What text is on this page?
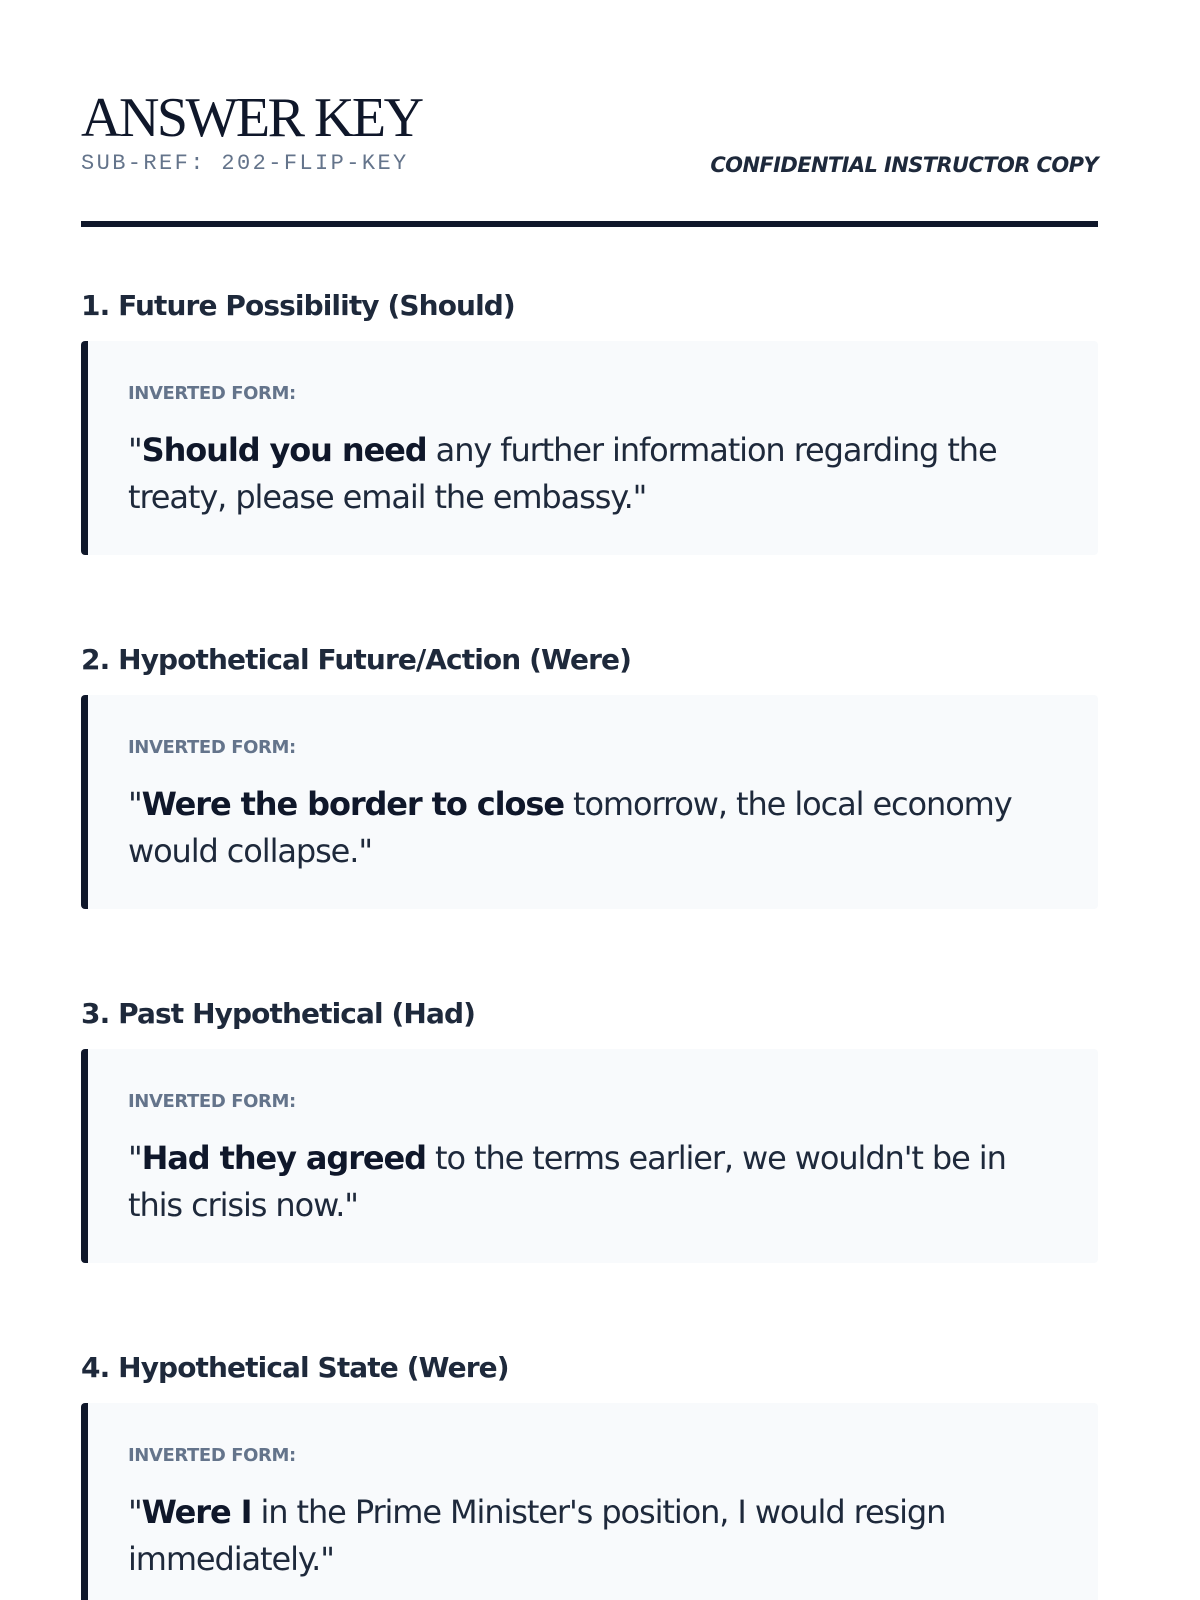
ANSWER KEY
SUB-REF: 202-FLIP-KEY	CONFIDENTIAL INSTRUCTOR COPY
1. Future Possibility (Should)
INVERTED FORM:

"Should you need any further information regarding the treaty, please email the embassy."

2. Hypothetical Future/Action (Were)
INVERTED FORM:

"Were the border to close tomorrow, the local economy would collapse."

3. Past Hypothetical (Had)
INVERTED FORM:

"Had they agreed to the terms earlier, we wouldn't be in this crisis now."

4. Hypothetical State (Were)
INVERTED FORM:

"Were I in the Prime Minister's position, I would resign immediately."
